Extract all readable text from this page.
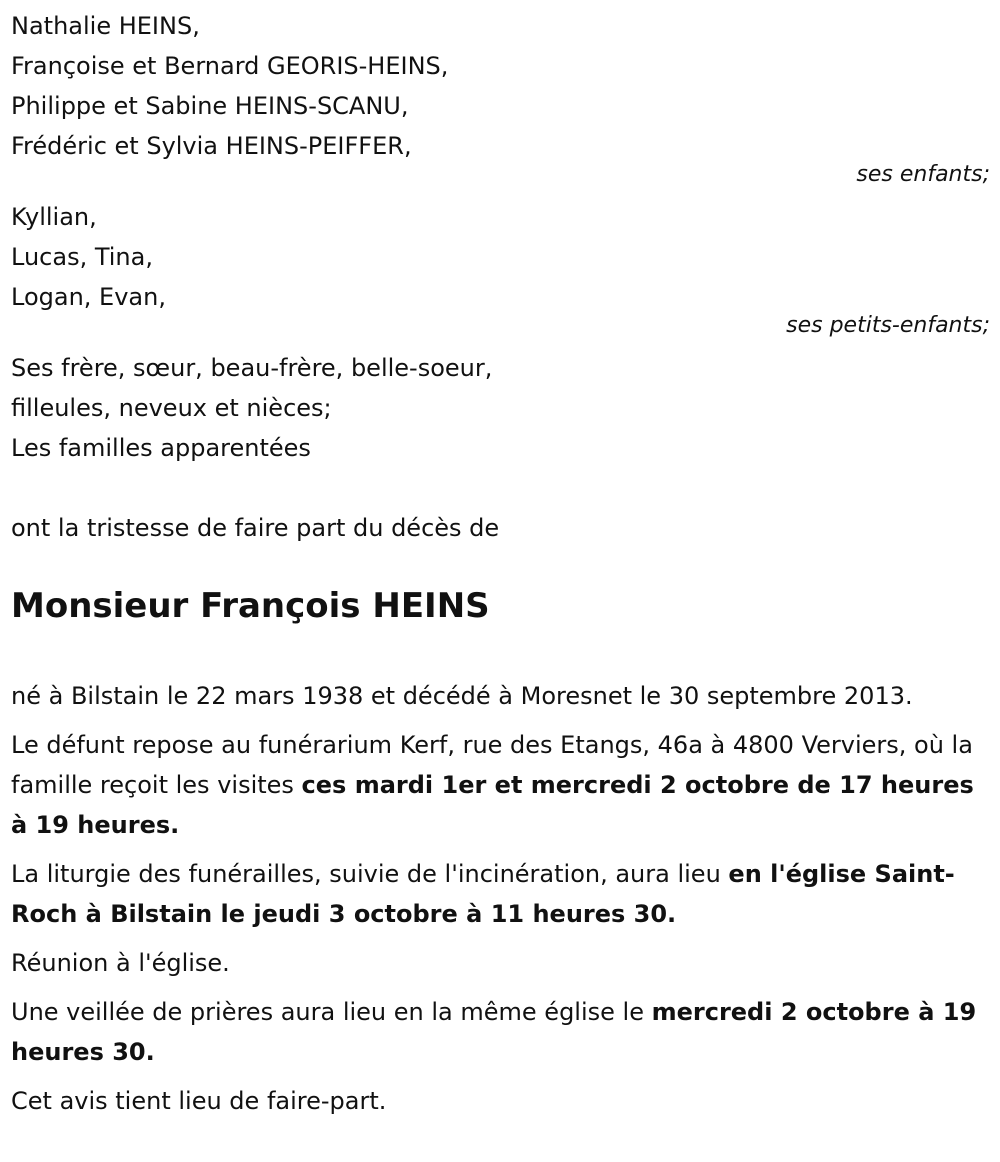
Nathalie HEINS,

Françoise et Bernard GEORIS-HEINS,

Philippe et Sabine HEINS-SCANU,

Frédéric et Sylvia HEINS-PEIFFER,

ses enfants;

Kyllian,

Lucas, Tina,

Logan, Evan,

ses petits-enfants;

Ses frère, sœur, beau-frère, belle-soeur,

filleules, neveux et nièces;

Les familles apparentées

ont la tristesse de faire part du décès de

Monsieur François HEINS

né à Bilstain le 22 mars 1938 et décédé à Moresnet le 30 septembre 2013.

Le défunt repose au funérarium Kerf, rue des Etangs, 46a à 4800 Verviers, où la famille reçoit les visites ces mardi 1er et mercredi 2 octobre de 17 heures à 19 heures.

La liturgie des funérailles, suivie de l'incinération, aura lieu en l'église Saint-Roch à Bilstain le jeudi 3 octobre à 11 heures 30.

Réunion à l'église.

Une veillée de prières aura lieu en la même église le mercredi 2 octobre à 19 heures 30.

Cet avis tient lieu de faire-part.
